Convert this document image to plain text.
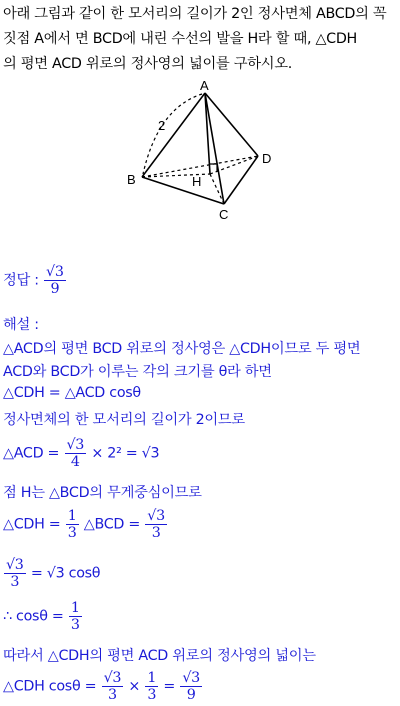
아래 그림과 같이 한 모서리의 길이가 2인 정사면체 ABCD의 꼭

짓점 A에서 면 BCD에 내린 수선의 발을 H라 할 때, △CDH

의 평면 ACD 위로의 정사영의 넓이를 구하시오.

A
B
C
D
H
2
정답 : $\frac{√3}{9}$
해설 :
△ACD의 평면 BCD 위로의 정사영은 △CDH이므로 두 평면
ACD와 BCD가 이루는 각의 크기를 θ라 하면
△CDH = △ACD cosθ
정사면체의 한 모서리의 길이가 2이므로
△ACD = $\frac{√3}{4} \times 2^2 = √3$
점 H는 △BCD의 무게중심이므로
△CDH = $\frac{1}{3}$ △BCD = $\frac{√3}{3}$
$\frac{√3}{3} = √3$ cosθ
∴ $\cos\theta = \frac{1}{3}$
따라서 △CDH의 평면 ACD 위로의 정사영의 넓이는
△CDH $\cos\theta = \frac{√3}{3} \times \frac{1}{3} = \frac{√3}{9}$
